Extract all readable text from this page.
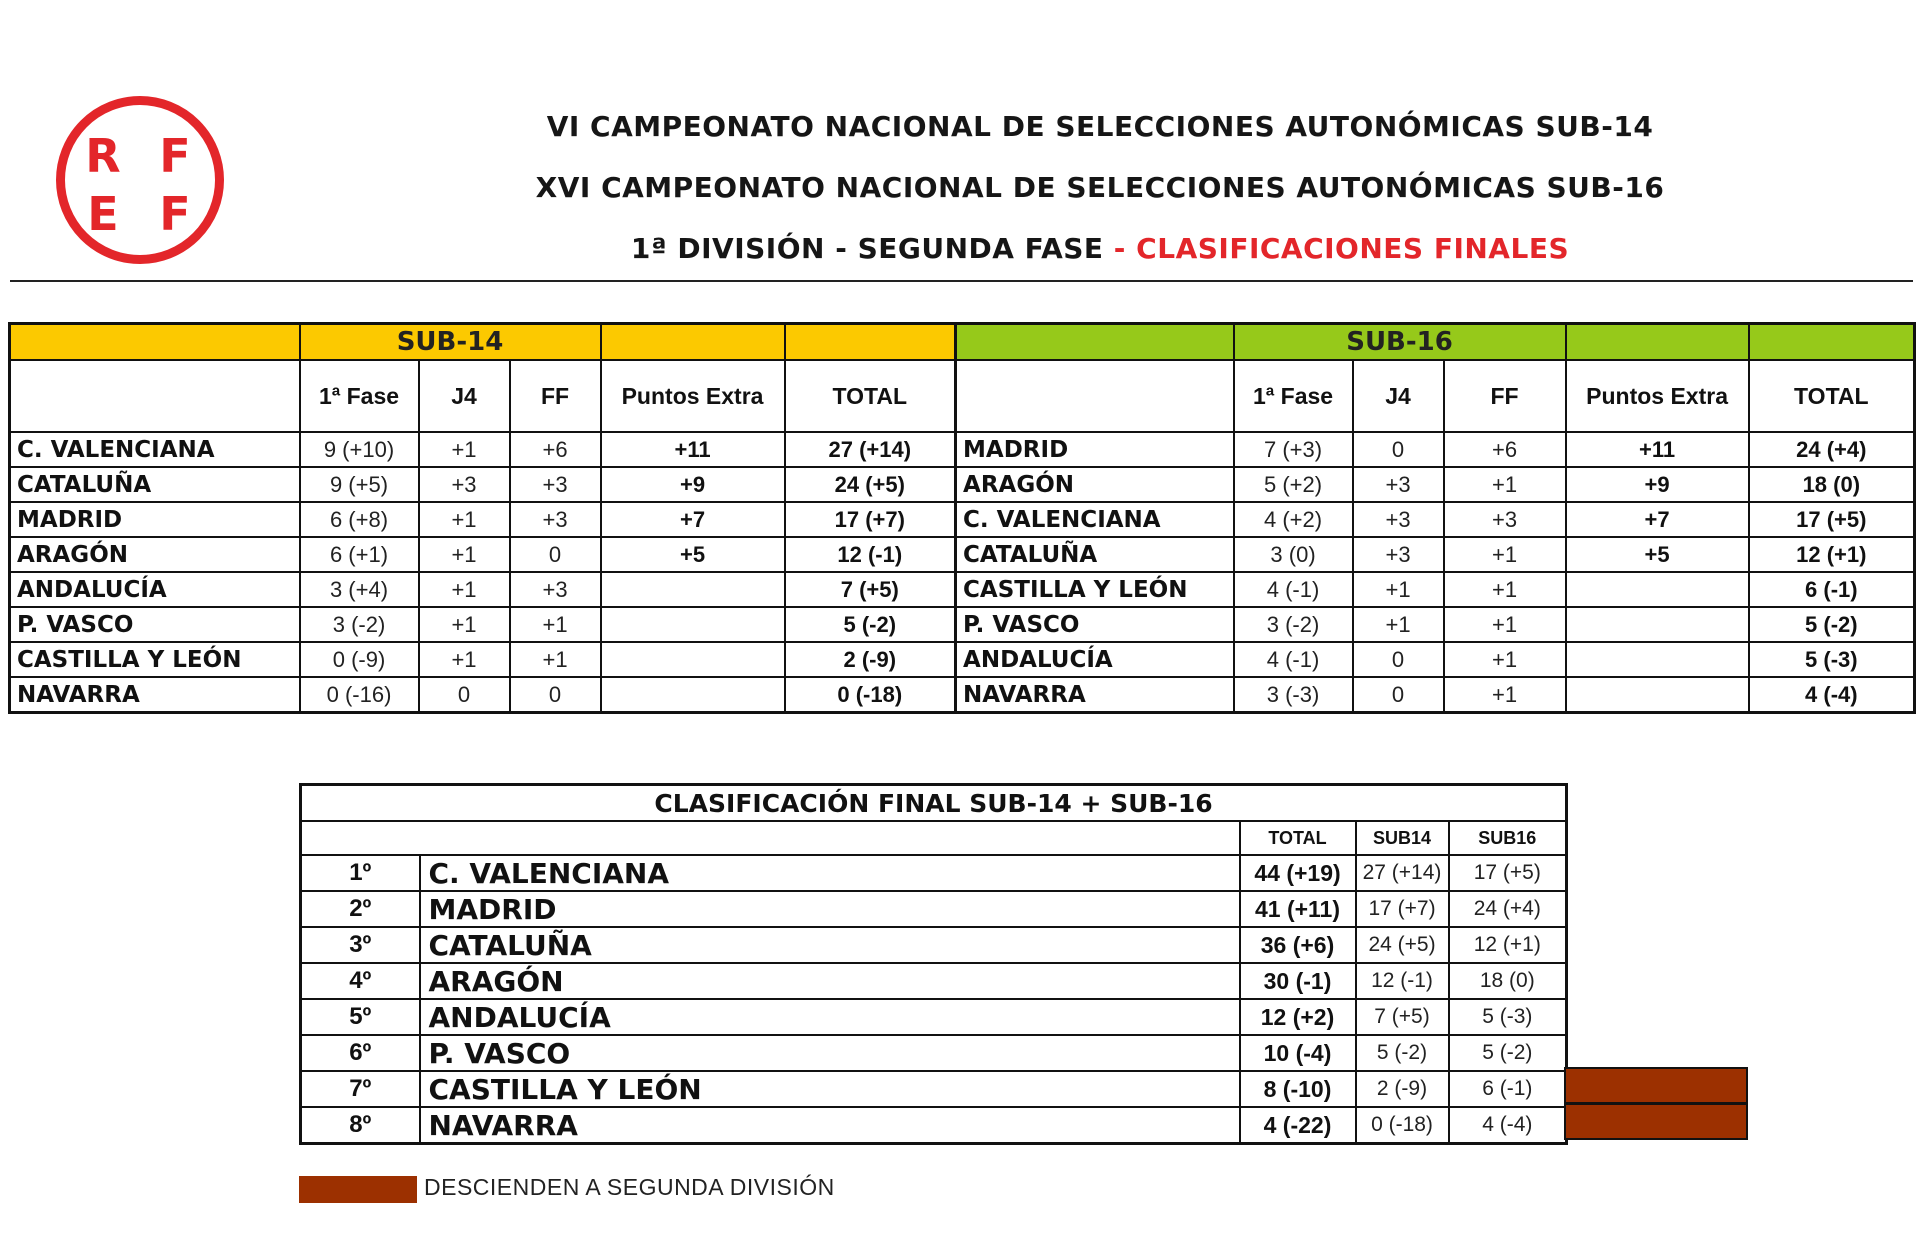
R F
E F
VI CAMPEONATO NACIONAL DE SELECCIONES AUTONÓMICAS SUB-14
XVI CAMPEONATO NACIONAL DE SELECCIONES AUTONÓMICAS SUB-16
1ª DIVISIÓN - SEGUNDA FASE - CLASIFICACIONES FINALES
	SUB-14						SUB-16				
	1ª Fase	J4	FF	Puntos Extra	TOTAL		1ª Fase	J4	FF	Puntos Extra	TOTAL
C. VALENCIANA	9 (+10)	+1	+6	+11	27 (+14)	MADRID	7 (+3)	0	+6	+11	24 (+4)
CATALUÑA	9 (+5)	+3	+3	+9	24 (+5)	ARAGÓN	5 (+2)	+3	+1	+9	18 (0)
MADRID	6 (+8)	+1	+3	+7	17 (+7)	C. VALENCIANA	4 (+2)	+3	+3	+7	17 (+5)
ARAGÓN	6 (+1)	+1	0	+5	12 (-1)	CATALUÑA	3 (0)	+3	+1	+5	12 (+1)
ANDALUCÍA	3 (+4)	+1	+3		7 (+5)	CASTILLA Y LEÓN	4 (-1)	+1	+1		6 (-1)
P. VASCO	3 (-2)	+1	+1		5 (-2)	P. VASCO	3 (-2)	+1	+1		5 (-2)
CASTILLA Y LEÓN	0 (-9)	+1	+1		2 (-9)	ANDALUCÍA	4 (-1)	0	+1		5 (-3)
NAVARRA	0 (-16)	0	0		0 (-18)	NAVARRA	3 (-3)	0	+1		4 (-4)
CLASIFICACIÓN FINAL SUB-14 + SUB-16				
		TOTAL	SUB14	SUB16
1º	C. VALENCIANA	44 (+19)	27 (+14)	17 (+5)
2º	MADRID	41 (+11)	17 (+7)	24 (+4)
3º	CATALUÑA	36 (+6)	24 (+5)	12 (+1)
4º	ARAGÓN	30 (-1)	12 (-1)	18 (0)
5º	ANDALUCÍA	12 (+2)	7 (+5)	5 (-3)
6º	P. VASCO	10 (-4)	5 (-2)	5 (-2)
7º	CASTILLA Y LEÓN	8 (-10)	2 (-9)	6 (-1)
8º	NAVARRA	4 (-22)	0 (-18)	4 (-4)
DESCIENDEN A SEGUNDA DIVISIÓN
